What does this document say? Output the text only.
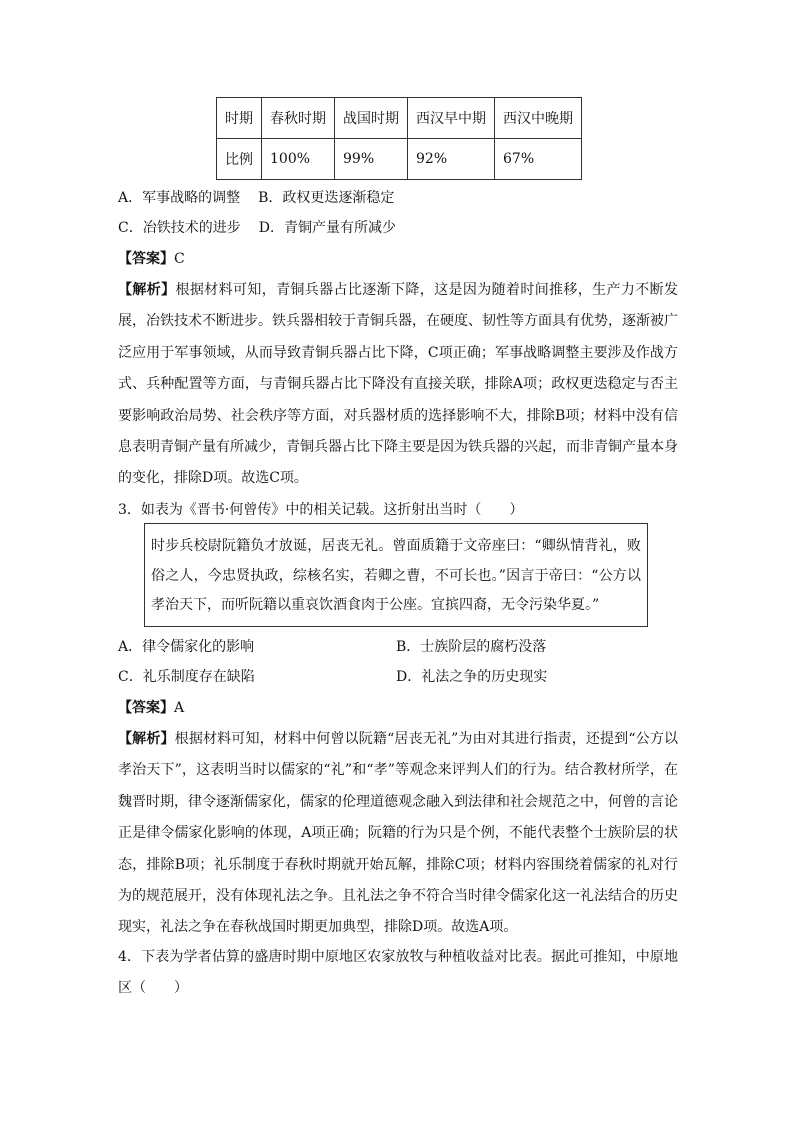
时期	春秋时期	战国时期	西汉早中期	西汉中晚期
比例	100%	99%	92%	67%
A．军事战略的调整 B．政权更迭逐渐稳定
C．冶铁技术的进步 D．青铜产量有所减少
【答案】C
【解析】根据材料可知，青铜兵器占比逐渐下降，这是因为随着时间推移，生产力不断发展，冶铁技术不断进步。铁兵器相较于青铜兵器，在硬度、韧性等方面具有优势，逐渐被广泛应用于军事领域，从而导致青铜兵器占比下降，C项正确；军事战略调整主要涉及作战方式、兵种配置等方面，与青铜兵器占比下降没有直接关联，排除A项；政权更迭稳定与否主要影响政治局势、社会秩序等方面，对兵器材质的选择影响不大，排除B项；材料中没有信息表明青铜产量有所减少，青铜兵器占比下降主要是因为铁兵器的兴起，而非青铜产量本身的变化，排除D项。故选C项。
3．如表为《晋书·何曾传》中的相关记载。这折射出当时（　　）

时步兵校尉阮籍负才放诞，居丧无礼。曾面质籍于文帝座曰：“卿纵情背礼，败俗之人，今忠贤执政，综核名实，若卿之曹，不可长也。”因言于帝曰：“公方以孝治天下，而听阮籍以重哀饮酒食肉于公座。宜摈四裔，无令污染华夏。”

A．律令儒家化的影响	B．士族阶层的腐朽没落
C．礼乐制度存在缺陷	D．礼法之争的历史现实
【答案】A
【解析】根据材料可知，材料中何曾以阮籍“居丧无礼”为由对其进行指责，还提到“公方以孝治天下”，这表明当时以儒家的“礼”和“孝”等观念来评判人们的行为。结合教材所学，在魏晋时期，律令逐渐儒家化，儒家的伦理道德观念融入到法律和社会规范之中，何曾的言论正是律令儒家化影响的体现，A项正确；阮籍的行为只是个例，不能代表整个士族阶层的状态，排除B项；礼乐制度于春秋时期就开始瓦解，排除C项；材料内容围绕着儒家的礼对行为的规范展开，没有体现礼法之争。且礼法之争不符合当时律令儒家化这一礼法结合的历史现实，礼法之争在春秋战国时期更加典型，排除D项。故选A项。
4．下表为学者估算的盛唐时期中原地区农家放牧与种植收益对比表。据此可推知，中原地区（　　）
